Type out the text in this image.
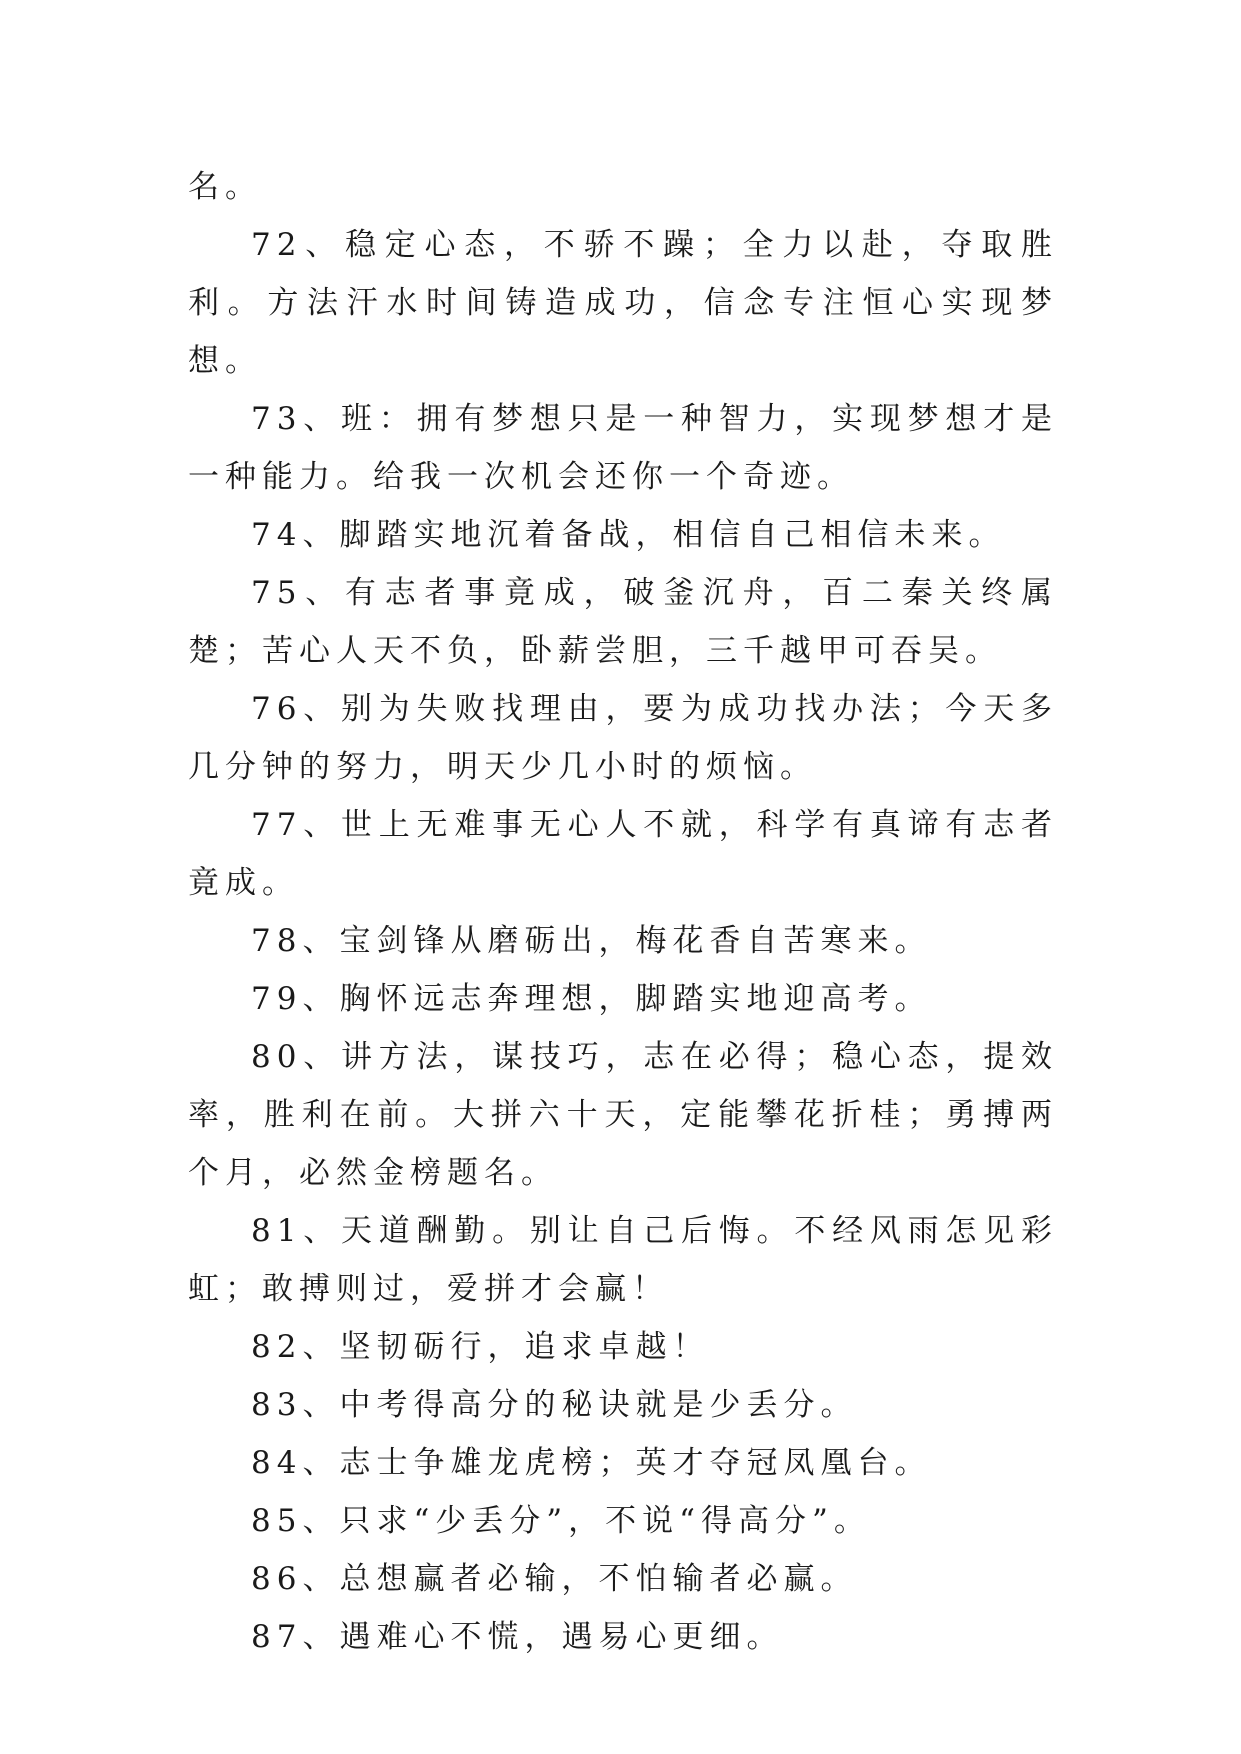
名。

72、稳定心态，不骄不躁；全力以赴，夺取胜利。方法汗水时间铸造成功，信念专注恒心实现梦想。

73、班：拥有梦想只是一种智力，实现梦想才是一种能力。给我一次机会还你一个奇迹。

74、脚踏实地沉着备战，相信自己相信未来。

75、有志者事竟成，破釜沉舟，百二秦关终属楚；苦心人天不负，卧薪尝胆，三千越甲可吞吴。

76、别为失败找理由，要为成功找办法；今天多几分钟的努力，明天少几小时的烦恼。

77、世上无难事无心人不就，科学有真谛有志者竟成。

78、宝剑锋从磨砺出，梅花香自苦寒来。

79、胸怀远志奔理想，脚踏实地迎高考。

80、讲方法，谋技巧，志在必得；稳心态，提效率，胜利在前。大拼六十天，定能攀花折桂；勇搏两个月，必然金榜题名。

81、天道酬勤。别让自己后悔。不经风雨怎见彩虹；敢搏则过，爱拼才会赢！

82、坚韧砺行，追求卓越！

83、中考得高分的秘诀就是少丢分。

84、志士争雄龙虎榜；英才夺冠凤凰台。

85、只求“少丢分”，不说“得高分”。

86、总想赢者必输，不怕输者必赢。

87、遇难心不慌，遇易心更细。
